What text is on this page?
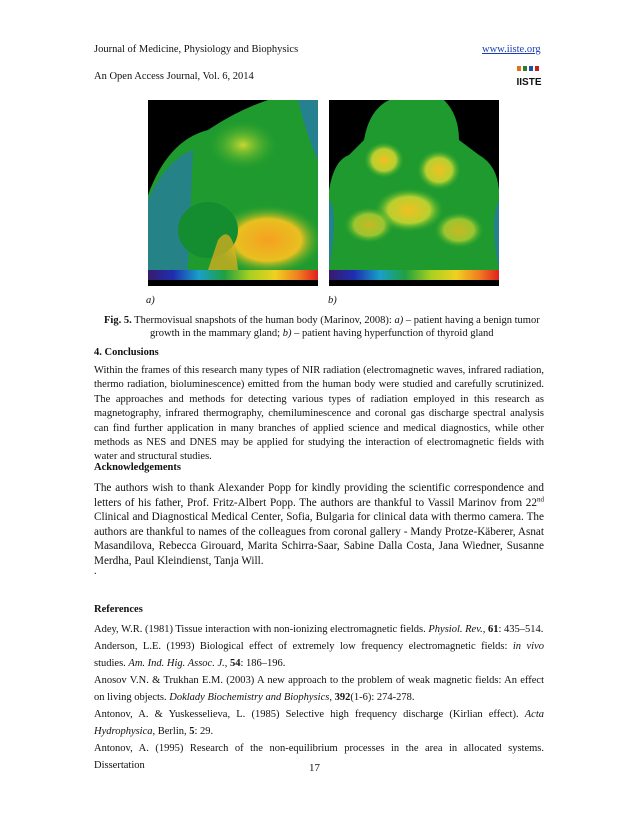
Journal of Medicine, Physiology and Biophysics	www.iiste.org
An Open Access Journal, Vol. 6, 2014
IISTE
a)	b)
Fig. 5. Thermovisual snapshots of the human body (Marinov, 2008): a) – patient having a benign tumor
growth in the mammary gland; b) – patient having hyperfunction of thyroid gland
4. Conclusions
Within the frames of this research many types of NIR radiation (electromagnetic waves, infrared radiation, thermo radiation, bioluminescence) emitted from the human body were studied and carefully scrutinized. The approaches and methods for detecting various types of radiation employed in this research as magnetography, infrared thermography, chemiluminescence and coronal gas discharge spectral analysis can find further application in many branches of applied science and medical diagnostics, while other methods as NES and DNES may be applied for studying the interaction of electromagnetic fields with water and structural studies.
Acknowledgements
The authors wish to thank Alexander Popp for kindly providing the scientific correspondence and letters of his father, Prof. Fritz-Albert Popp. The authors are thankful to Vassil Marinov from 22nd Clinical and Diagnostical Medical Center, Sofia, Bulgaria for clinical data with thermo camera. The authors are thankful to names of the colleagues from coronal gallery - Mandy Protze-Käberer, Asnat Masandilova, Rebecca Girouard, Marita Schirra-Saar, Sabine Dalla Costa, Jana Wiedner, Susanne Merdha, Paul Kleindienst, Tanja Will.
.
References

Adey, W.R. (1981) Tissue interaction with non-ionizing electromagnetic fields. Physiol. Rev., 61: 435–514.

Anderson, L.E. (1993) Biological effect of extremely low frequency electromagnetic fields: in vivo studies. Am. Ind. Hig. Assoc. J., 54: 186–196.

Anosov V.N. & Trukhan E.M. (2003) A new approach to the problem of weak magnetic fields: An effect on living objects. Doklady Biochemistry and Biophysics, 392(1-6): 274-278.

Antonov, A. & Yuskesselieva, L. (1985) Selective high frequency discharge (Kirlian effect). Acta Hydrophysica, Berlin, 5: 29.

Antonov, A. (1995) Research of the non-equilibrium processes in the area in allocated systems. Dissertation	17
